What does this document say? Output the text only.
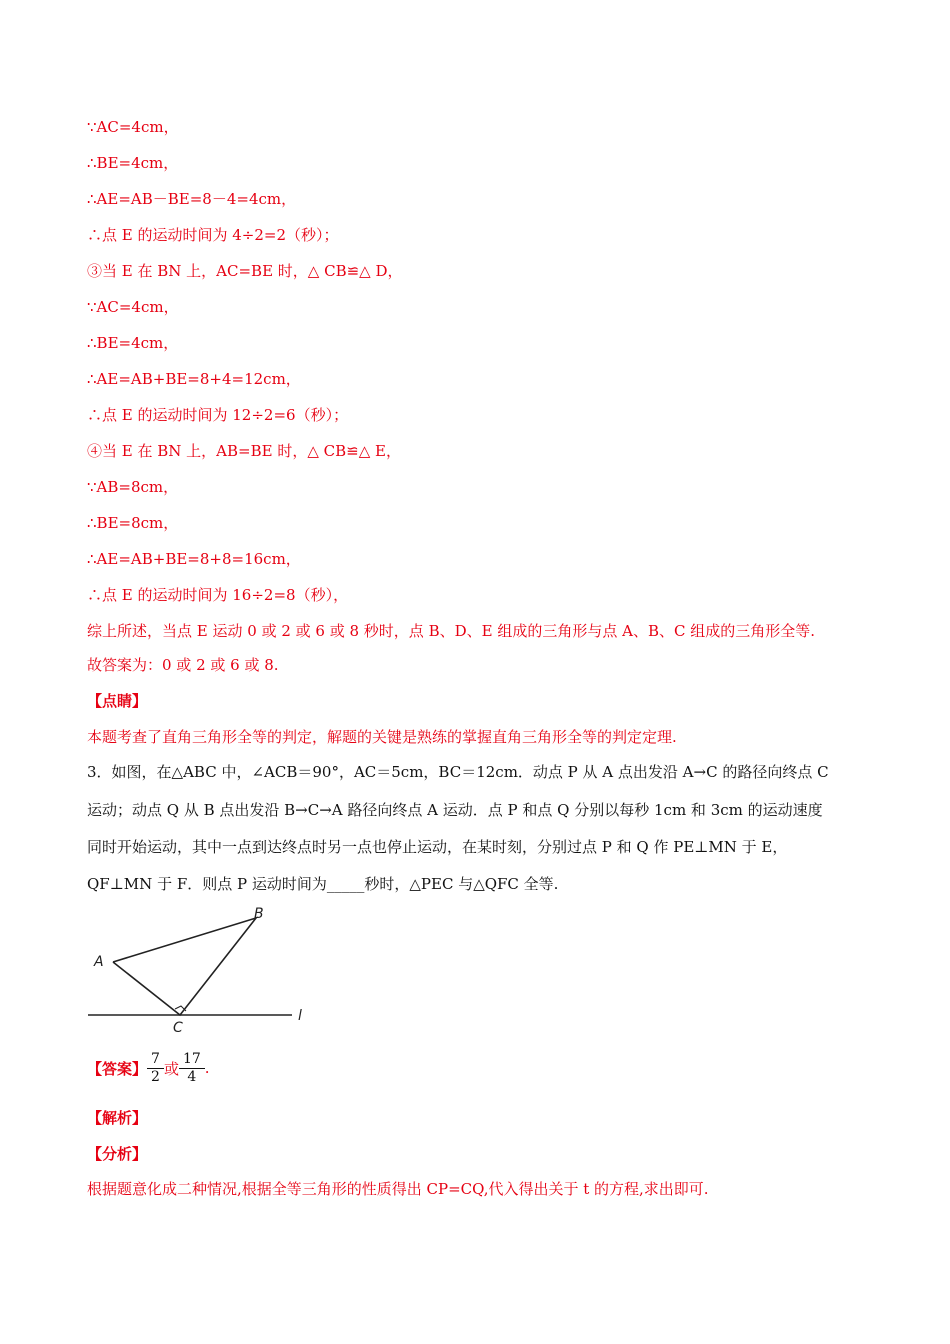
∵AC=4cm，
∴BE=4cm，
∴AE=AB－BE=8－4=4cm，
∴点 E 的运动时间为 4÷2=2（秒）；
③当 E 在 BN 上，AC=BE 时，△ CB≌△ D，
∵AC=4cm，
∴BE=4cm，
∴AE=AB+BE=8+4=12cm，
∴点 E 的运动时间为 12÷2=6（秒）；
④当 E 在 BN 上，AB=BE 时，△ CB≌△ E，
∵AB=8cm，
∴BE=8cm，
∴AE=AB+BE=8+8=16cm，
∴点 E 的运动时间为 16÷2=8（秒），
综上所述，当点 E 运动 0 或 2 或 6 或 8 秒时，点 B、D、E 组成的三角形与点 A、B、C 组成的三角形全等.
故答案为：0 或 2 或 6 或 8.
【点睛】
本题考查了直角三角形全等的判定，解题的关键是熟练的掌握直角三角形全等的判定定理.
3．如图，在△ABC 中，∠ACB＝90°，AC＝5cm，BC＝12cm．动点 P 从 A 点出发沿 A→C 的路径向终点 C
运动；动点 Q 从 B 点出发沿 B→C→A 路径向终点 A 运动．点 P 和点 Q 分别以每秒 1cm 和 3cm 的运动速度
同时开始运动，其中一点到达终点时另一点也停止运动，在某时刻，分别过点 P 和 Q 作 PE⊥MN 于 E，
QF⊥MN 于 F．则点 P 运动时间为_____秒时，△PEC 与△QFC 全等.
A
B
C
l
【答案】 $\frac{7}{2}$ 或 $\frac{17}{4}$ .
【解析】
【分析】
根据题意化成二种情况,根据全等三角形的性质得出 CP=CQ,代入得出关于 t 的方程,求出即可.
